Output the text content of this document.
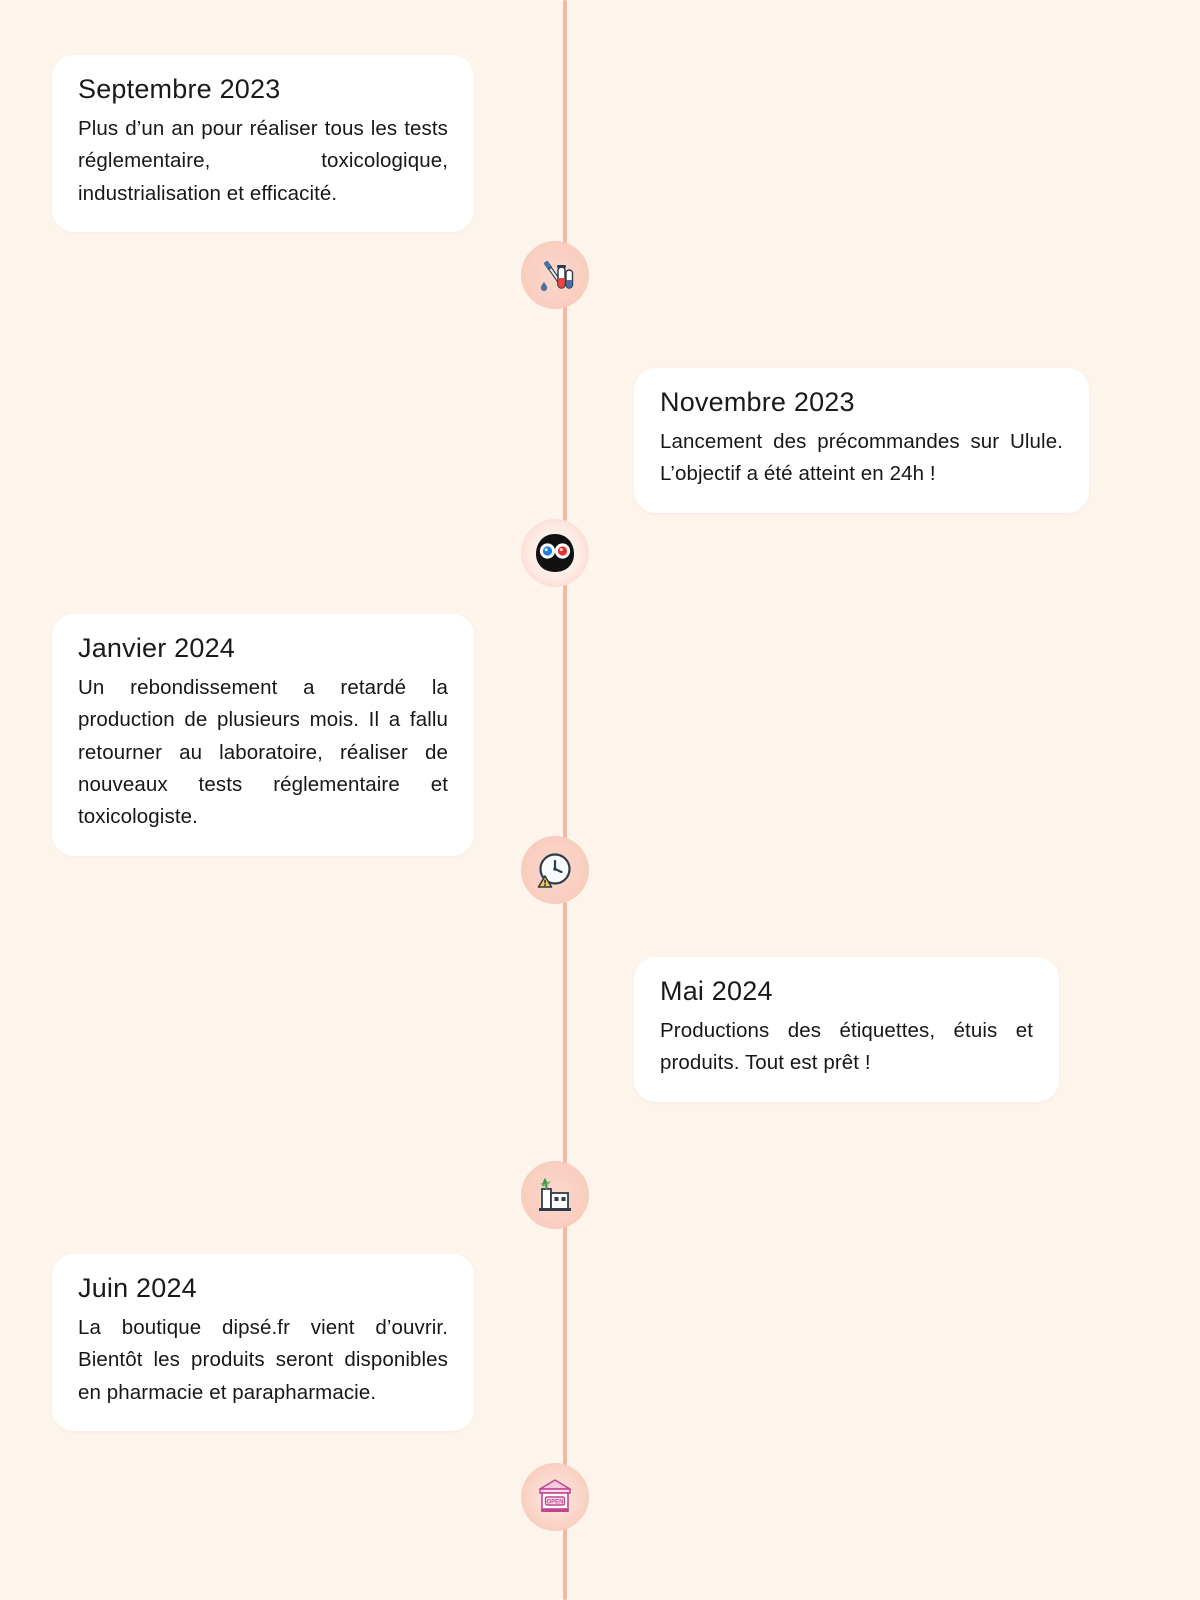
Septembre 2023
Plus d’un an pour réaliser tous les tests réglementaire, toxicologique, industrialisation et efficacité.
Novembre 2023
Lancement des précommandes sur Ulule. L’objectif a été atteint en 24h !
Janvier 2024
Un rebondissement a retardé la production de plusieurs mois. Il a fallu retourner au laboratoire, réaliser de nouveaux tests réglementaire et toxicologiste.
Mai 2024
Productions des étiquettes, étuis et produits. Tout est prêt !
Juin 2024
La boutique dipsé.fr vient d’ouvrir. Bientôt les produits seront disponibles en pharmacie et parapharmacie.
OPEN
